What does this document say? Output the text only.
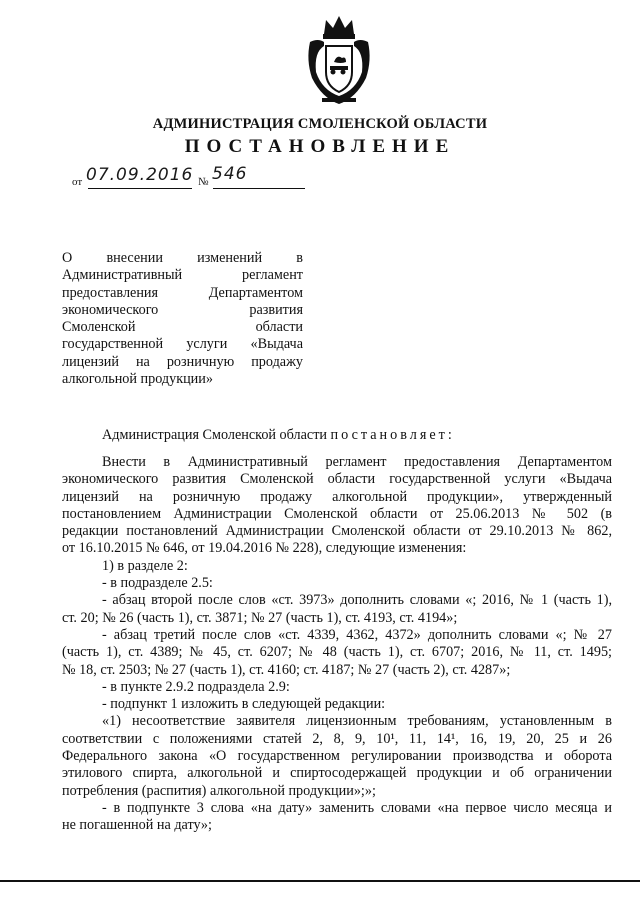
АДМИНИСТРАЦИЯ СМОЛЕНСКОЙ ОБЛАСТИ
ПОСТАНОВЛЕНИЕ
от 07.09.2016 № 546
О внесении изменений в
Административный регламент
предоставления Департаментом
экономического развития
Смоленской области
государственной услуги «Выдача
лицензий на розничную продажу
алкогольной продукции»
Администрация Смоленской области постановляет:
Внести в Административный регламент предоставления Департаментом
экономического развития Смоленской области государственной услуги «Выдача
лицензий на розничную продажу алкогольной продукции», утвержденный
постановлением Администрации Смоленской области от 25.06.2013 № 502 (в
редакции постановлений Администрации Смоленской области от 29.10.2013 № 862,
от 16.10.2015 № 646, от 19.04.2016 № 228), следующие изменения:
1) в разделе 2:
- в подразделе 2.5:
- абзац второй после слов «ст. 3973» дополнить словами «; 2016, № 1 (часть 1),
ст. 20; № 26 (часть 1), ст. 3871; № 27 (часть 1), ст. 4193, ст. 4194»;
- абзац третий после слов «ст. 4339, 4362, 4372» дополнить словами «; № 27
(часть 1), ст. 4389; № 45, ст. 6207; № 48 (часть 1), ст. 6707; 2016, № 11, ст. 1495;
№ 18, ст. 2503; № 27 (часть 1), ст. 4160; ст. 4187; № 27 (часть 2), ст. 4287»;
- в пункте 2.9.2 подраздела 2.9:
- подпункт 1 изложить в следующей редакции:
«1) несоответствие заявителя лицензионным требованиям, установленным в
соответствии с положениями статей 2, 8, 9, 10¹, 11, 14¹, 16, 19, 20, 25 и 26
Федерального закона «О государственном регулировании производства и оборота
этилового спирта, алкогольной и спиртосодержащей продукции и об ограничении
потребления (распития) алкогольной продукции»;»;
- в подпункте 3 слова «на дату» заменить словами «на первое число месяца и
не погашенной на дату»;
